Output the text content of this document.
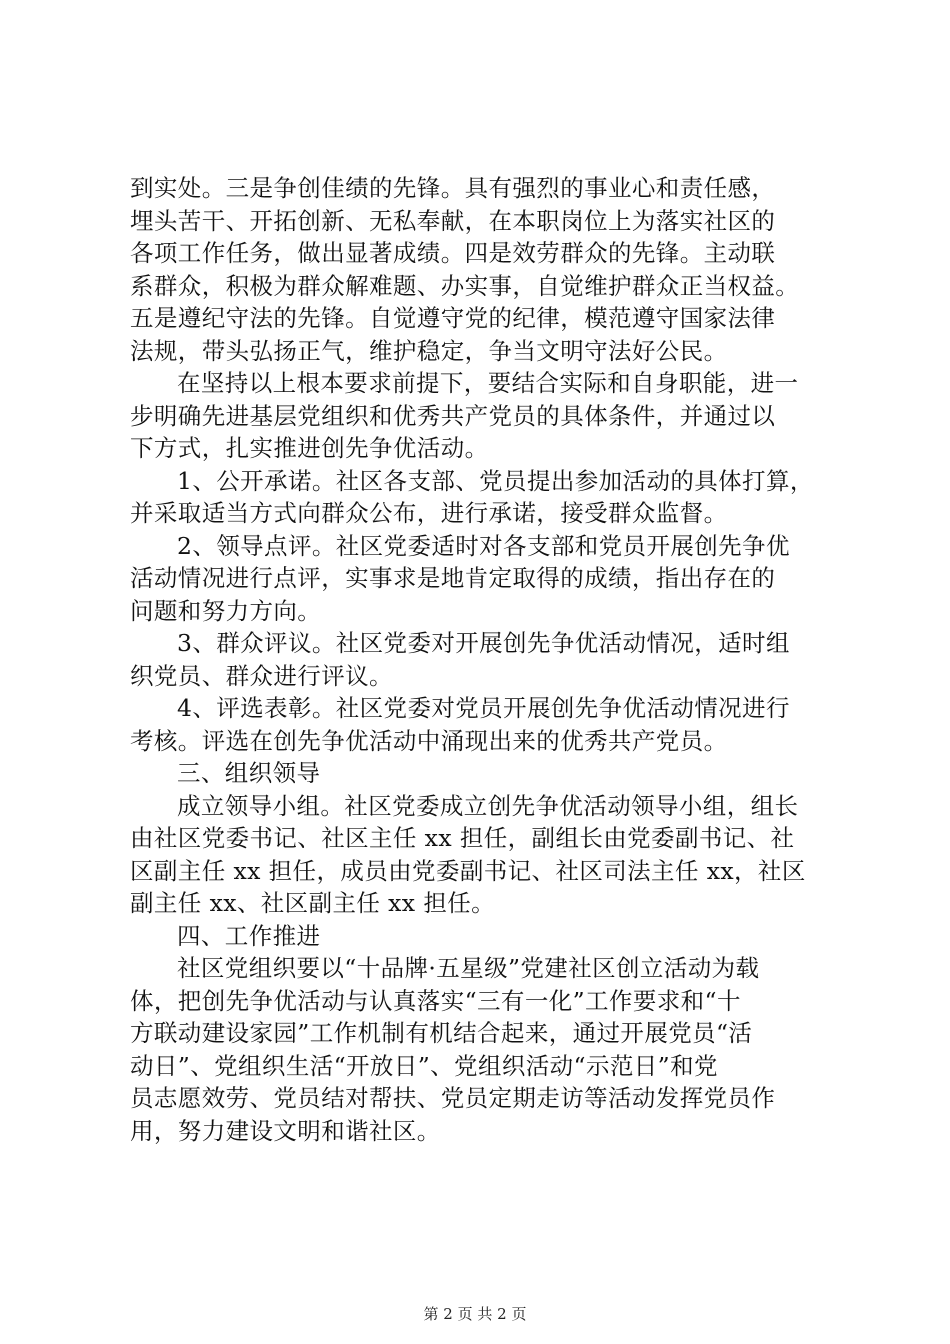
到实处。三是争创佳绩的先锋。具有强烈的事业心和责任感，
埋头苦干、开拓创新、无私奉献，在本职岗位上为落实社区的
各项工作任务，做出显著成绩。四是效劳群众的先锋。主动联
系群众，积极为群众解难题、办实事，自觉维护群众正当权益。
五是遵纪守法的先锋。自觉遵守党的纪律，模范遵守国家法律
法规，带头弘扬正气，维护稳定，争当文明守法好公民。
在坚持以上根本要求前提下，要结合实际和自身职能，进一
步明确先进基层党组织和优秀共产党员的具体条件，并通过以
下方式，扎实推进创先争优活动。
1、公开承诺。社区各支部、党员提出参加活动的具体打算，
并采取适当方式向群众公布，进行承诺，接受群众监督。
2、领导点评。社区党委适时对各支部和党员开展创先争优
活动情况进行点评，实事求是地肯定取得的成绩，指出存在的
问题和努力方向。
3、群众评议。社区党委对开展创先争优活动情况，适时组
织党员、群众进行评议。
4、评选表彰。社区党委对党员开展创先争优活动情况进行
考核。评选在创先争优活动中涌现出来的优秀共产党员。
三、组织领导
成立领导小组。社区党委成立创先争优活动领导小组，组长
由社区党委书记、社区主任 xx 担任，副组长由党委副书记、社
区副主任 xx 担任，成员由党委副书记、社区司法主任 xx，社区
副主任 xx、社区副主任 xx 担任。
四、工作推进
社区党组织要以“十品牌·五星级”党建社区创立活动为载
体，把创先争优活动与认真落实“三有一化”工作要求和“十
方联动建设家园”工作机制有机结合起来，通过开展党员“活
动日”、党组织生活“开放日”、党组织活动“示范日”和党
员志愿效劳、党员结对帮扶、党员定期走访等活动发挥党员作
用，努力建设文明和谐社区。
第 2 页 共 2 页
